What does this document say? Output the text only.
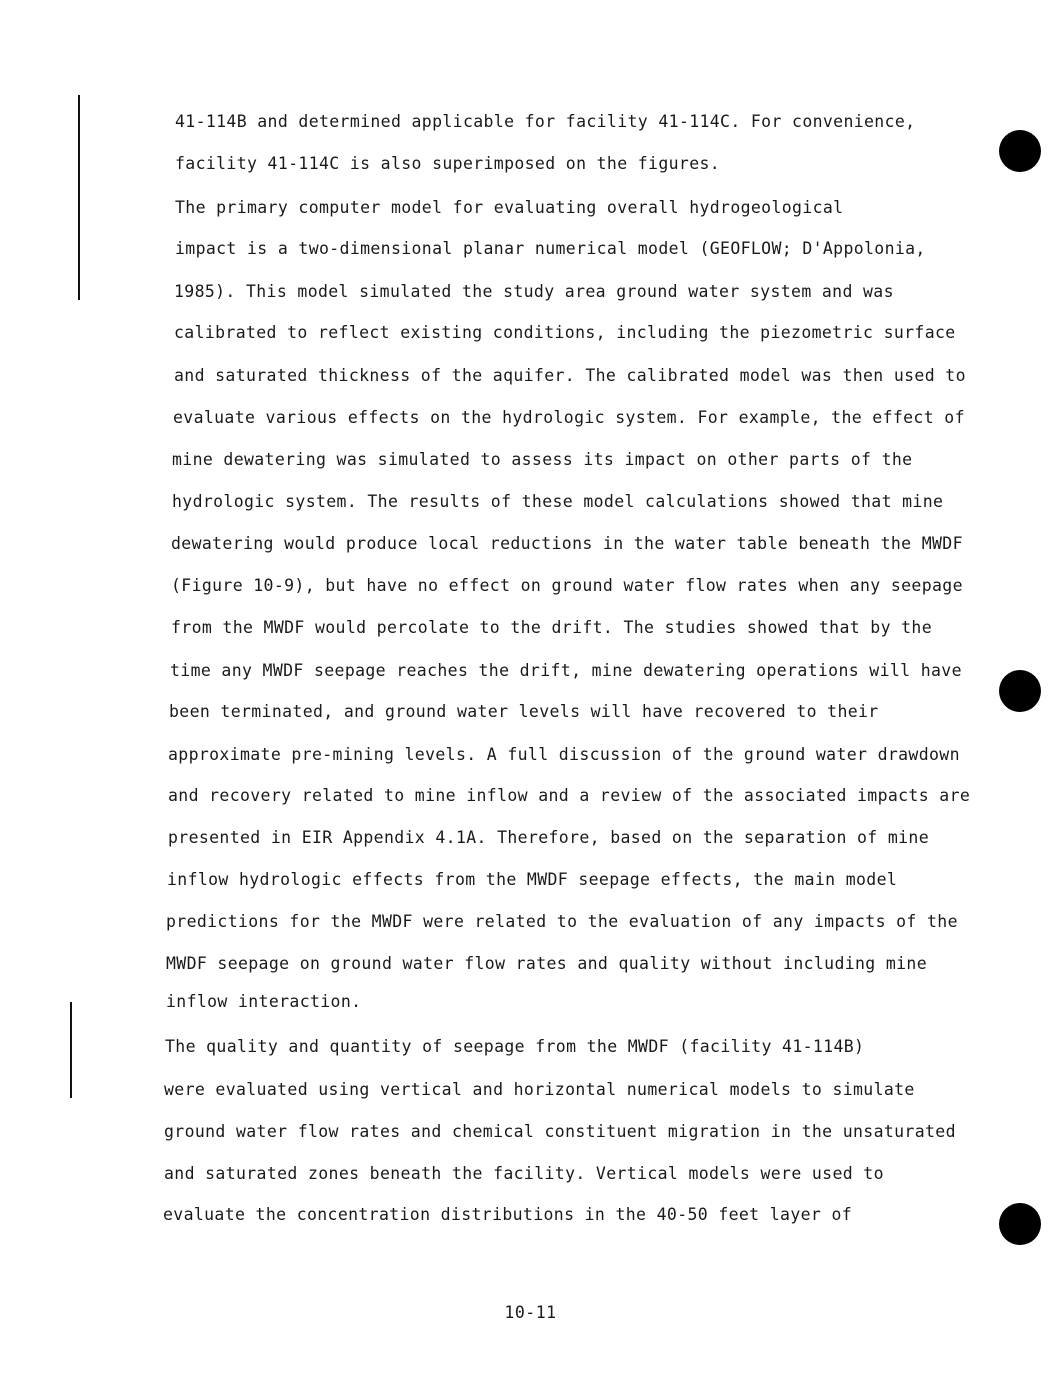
41-114B and determined applicable for facility 41-114C. For convenience,
facility 41-114C is also superimposed on the figures.
The primary computer model for evaluating overall hydrogeological
impact is a two-dimensional planar numerical model (GEOFLOW; D'Appolonia,
1985). This model simulated the study area ground water system and was
calibrated to reflect existing conditions, including the piezometric surface
and saturated thickness of the aquifer. The calibrated model was then used to
evaluate various effects on the hydrologic system. For example, the effect of
mine dewatering was simulated to assess its impact on other parts of the
hydrologic system. The results of these model calculations showed that mine
dewatering would produce local reductions in the water table beneath the MWDF
(Figure 10-9), but have no effect on ground water flow rates when any seepage
from the MWDF would percolate to the drift. The studies showed that by the
time any MWDF seepage reaches the drift, mine dewatering operations will have
been terminated, and ground water levels will have recovered to their
approximate pre-mining levels. A full discussion of the ground water drawdown
and recovery related to mine inflow and a review of the associated impacts are
presented in EIR Appendix 4.1A. Therefore, based on the separation of mine
inflow hydrologic effects from the MWDF seepage effects, the main model
predictions for the MWDF were related to the evaluation of any impacts of the
MWDF seepage on ground water flow rates and quality without including mine
inflow interaction.
The quality and quantity of seepage from the MWDF (facility 41-114B)
were evaluated using vertical and horizontal numerical models to simulate
ground water flow rates and chemical constituent migration in the unsaturated
and saturated zones beneath the facility. Vertical models were used to
evaluate the concentration distributions in the 40-50 feet layer of
10-11
